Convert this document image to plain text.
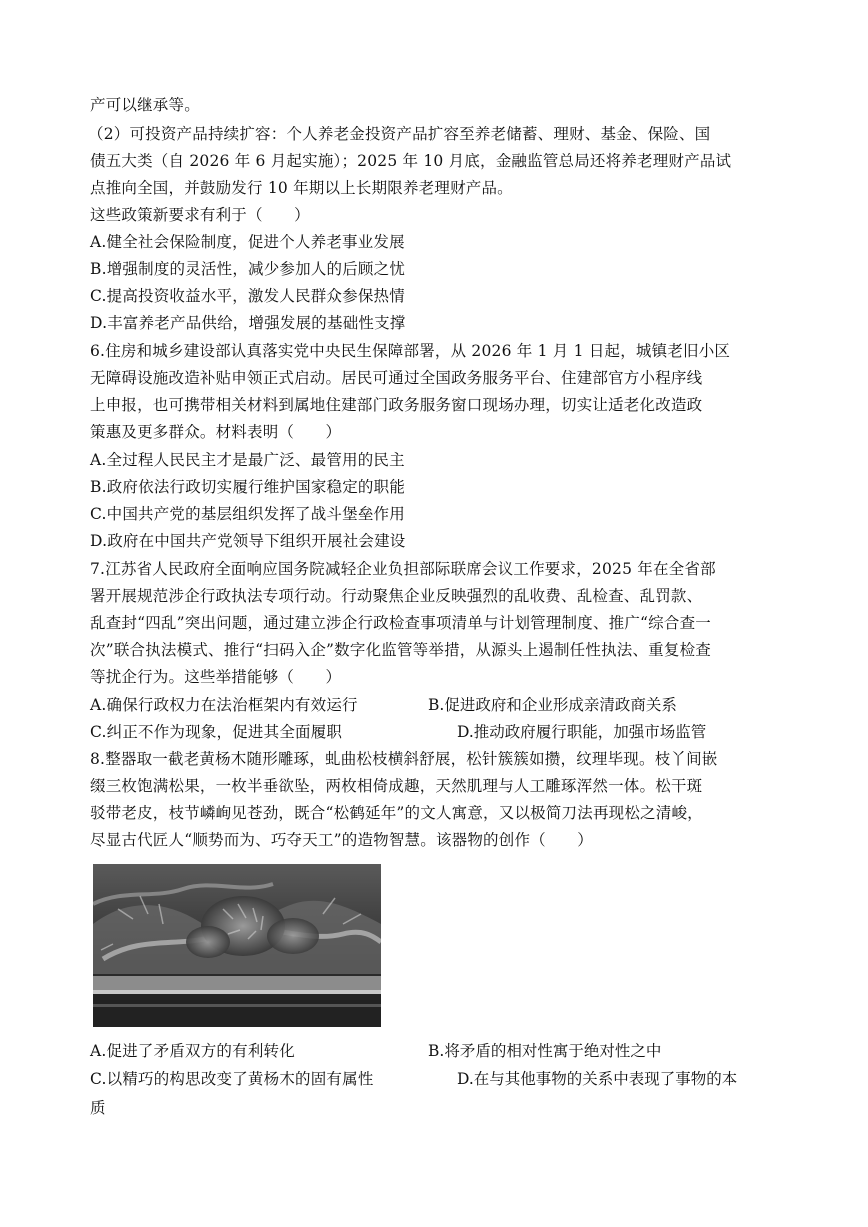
产可以继承等。
（2）可投资产品持续扩容：个人养老金投资产品扩容至养老储蓄、理财、基金、保险、国
债五大类（自 2026 年 6 月起实施）；2025 年 10 月底，金融监管总局还将养老理财产品试
点推向全国，并鼓励发行 10 年期以上长期限养老理财产品。
这些政策新要求有利于（　　）
A.健全社会保险制度，促进个人养老事业发展
B.增强制度的灵活性，减少参加人的后顾之忧
C.提高投资收益水平，激发人民群众参保热情
D.丰富养老产品供给，增强发展的基础性支撑
6.住房和城乡建设部认真落实党中央民生保障部署，从 2026 年 1 月 1 日起，城镇老旧小区
无障碍设施改造补贴申领正式启动。居民可通过全国政务服务平台、住建部官方小程序线
上申报，也可携带相关材料到属地住建部门政务服务窗口现场办理，切实让适老化改造政
策惠及更多群众。材料表明（　　）
A.全过程人民民主才是最广泛、最管用的民主
B.政府依法行政切实履行维护国家稳定的职能
C.中国共产党的基层组织发挥了战斗堡垒作用
D.政府在中国共产党领导下组织开展社会建设
7.江苏省人民政府全面响应国务院减轻企业负担部际联席会议工作要求，2025 年在全省部
署开展规范涉企行政执法专项行动。行动聚焦企业反映强烈的乱收费、乱检查、乱罚款、
乱查封“四乱”突出问题，通过建立涉企行政检查事项清单与计划管理制度、推广“综合查一
次”联合执法模式、推行“扫码入企”数字化监管等举措，从源头上遏制任性执法、重复检查
等扰企行为。这些举措能够（　　）
A.确保行政权力在法治框架内有效运行	B.促进政府和企业形成亲清政商关系
C.纠正不作为现象，促进其全面履职	D.推动政府履行职能，加强市场监管
8.整器取一截老黄杨木随形雕琢，虬曲松枝横斜舒展，松针簇簇如攒，纹理毕现。枝丫间嵌
缀三枚饱满松果，一枚半垂欲坠，两枚相倚成趣，天然肌理与人工雕琢浑然一体。松干斑
驳带老皮，枝节嶙峋见苍劲，既合“松鹤延年”的文人寓意，又以极简刀法再现松之清峻，
尽显古代匠人“顺势而为、巧夺天工”的造物智慧。该器物的创作（　　）
A.促进了矛盾双方的有利转化	B.将矛盾的相对性寓于绝对性之中
C.以精巧的构思改变了黄杨木的固有属性	D.在与其他事物的关系中表现了事物的本
质
